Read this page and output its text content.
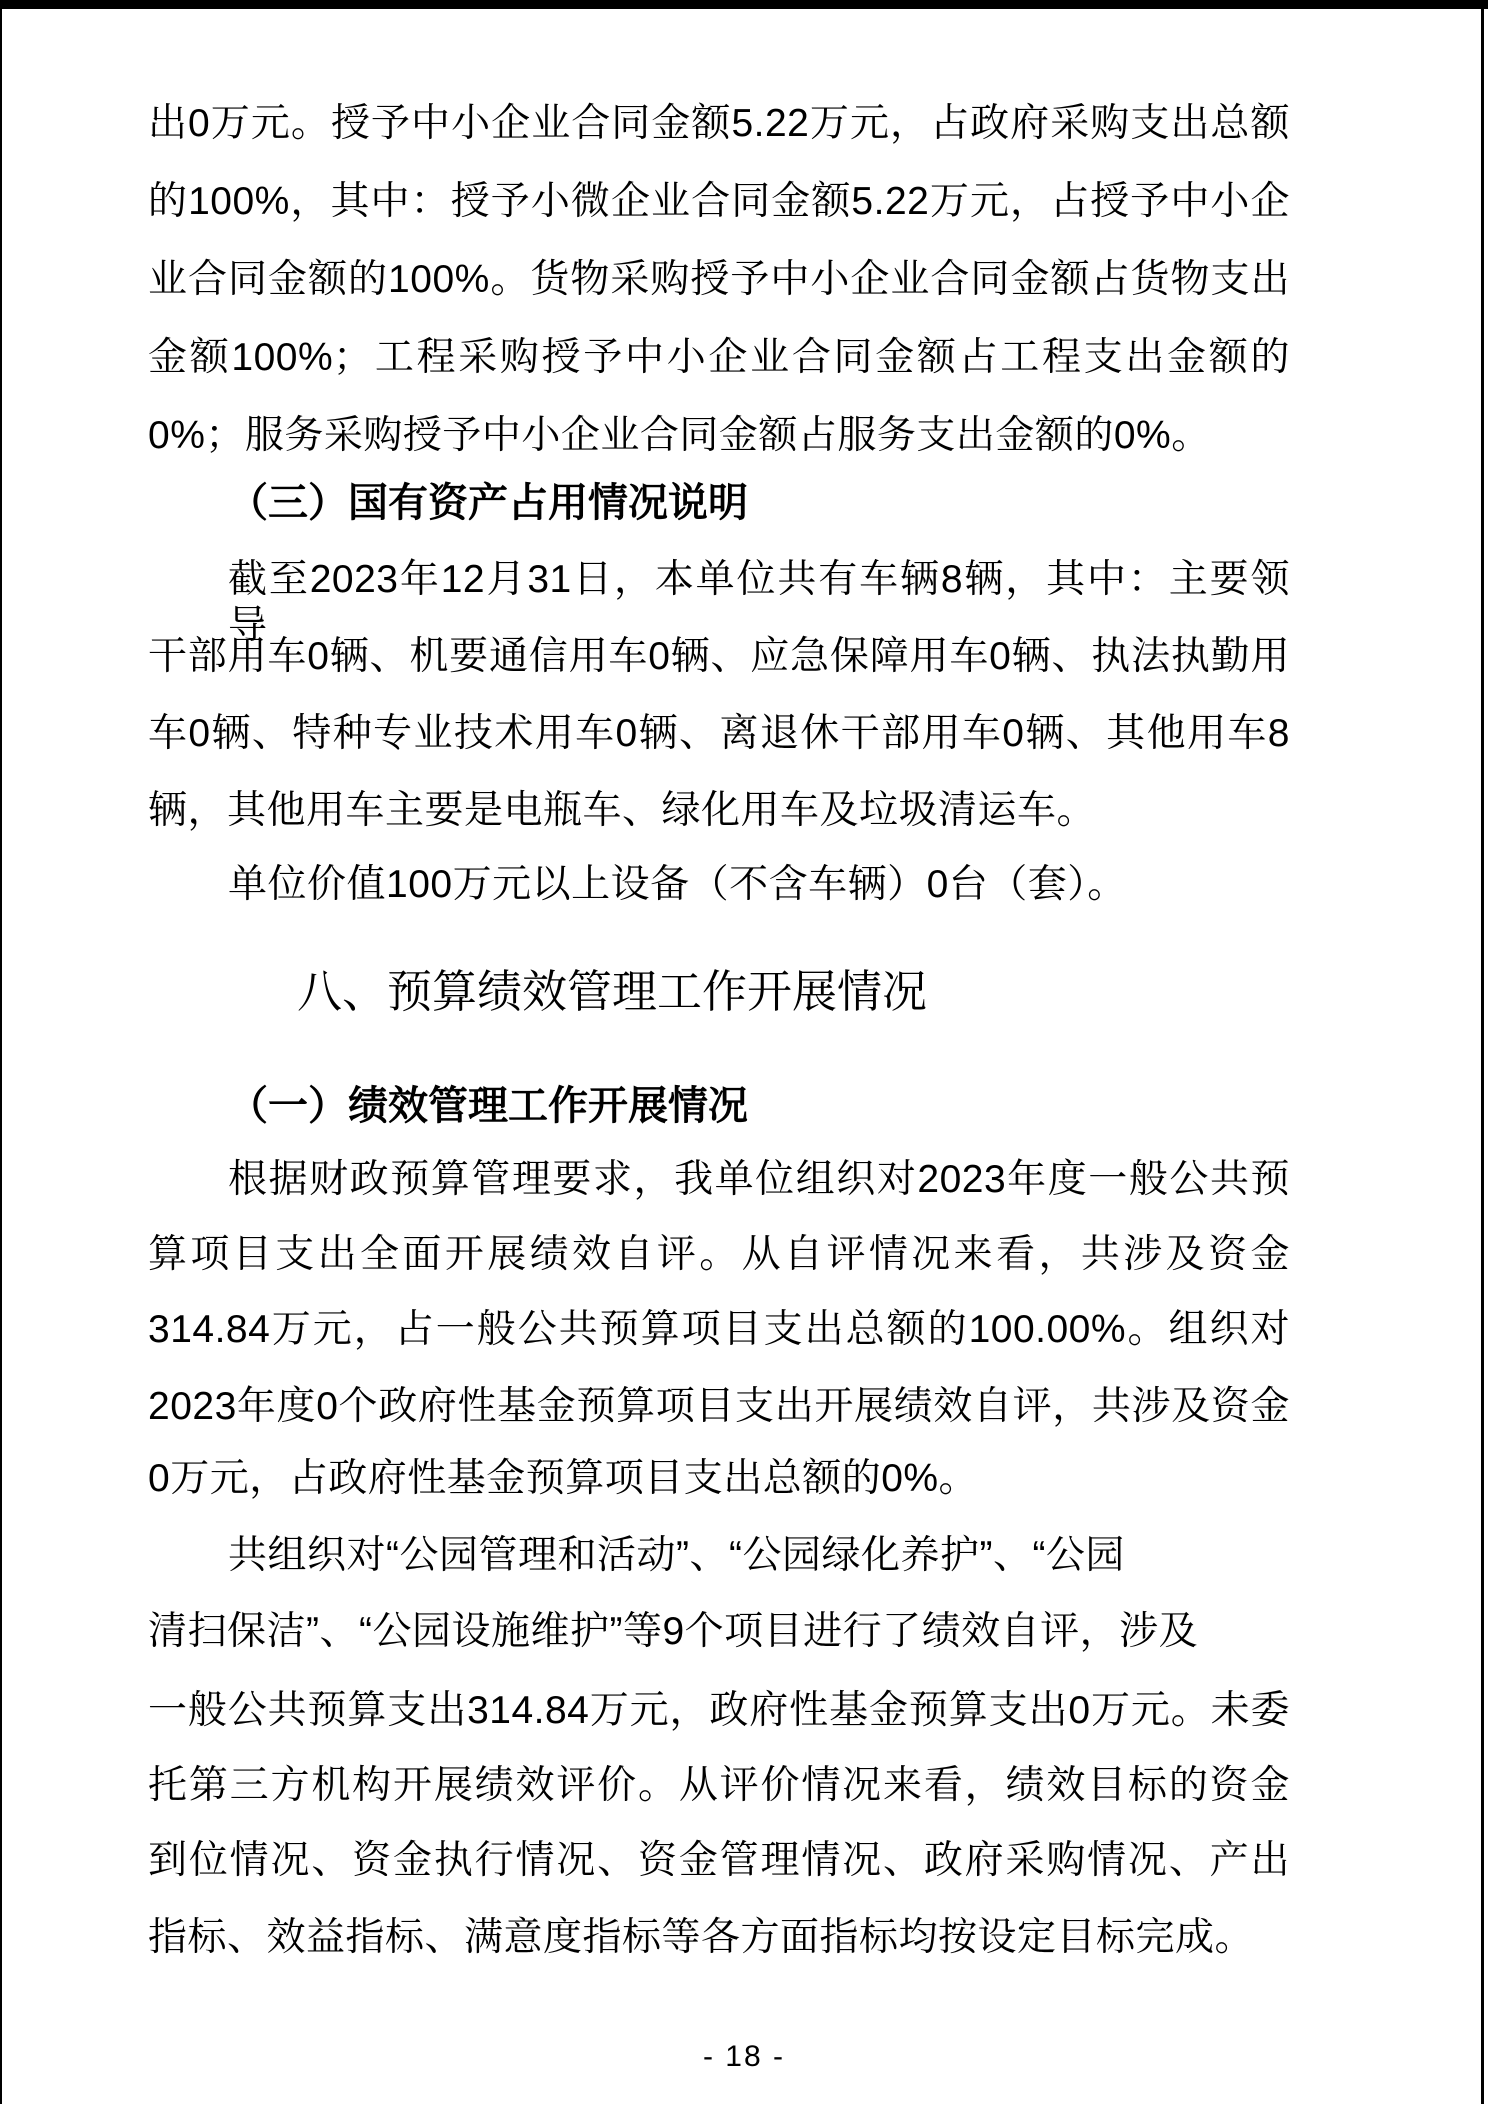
出0万元。授予中小企业合同金额5.22万元，占政府采购支出总额
的100%，其中：授予小微企业合同金额5.22万元，占授予中小企
业合同金额的100%。货物采购授予中小企业合同金额占货物支出
金额100%；工程采购授予中小企业合同金额占工程支出金额的
0%；服务采购授予中小企业合同金额占服务支出金额的0%。
（三）国有资产占用情况说明
截至2023年12月31日，本单位共有车辆8辆，其中：主要领导
干部用车0辆、机要通信用车0辆、应急保障用车0辆、执法执勤用
车0辆、特种专业技术用车0辆、离退休干部用车0辆、其他用车8
辆，其他用车主要是电瓶车、绿化用车及垃圾清运车。
单位价值100万元以上设备（不含车辆）0台（套）。
八、预算绩效管理工作开展情况
（一）绩效管理工作开展情况
根据财政预算管理要求，我单位组织对2023年度一般公共预
算项目支出全面开展绩效自评。从自评情况来看，共涉及资金
314.84万元，占一般公共预算项目支出总额的100.00%。组织对
2023年度0个政府性基金预算项目支出开展绩效自评，共涉及资金
0万元，占政府性基金预算项目支出总额的0%。
共组织对“公园管理和活动”、“公园绿化养护”、“公园
清扫保洁”、“公园设施维护”等9个项目进行了绩效自评，涉及
一般公共预算支出314.84万元，政府性基金预算支出0万元。未委
托第三方机构开展绩效评价。从评价情况来看，绩效目标的资金
到位情况、资金执行情况、资金管理情况、政府采购情况、产出
指标、效益指标、满意度指标等各方面指标均按设定目标完成。
- 18 -
